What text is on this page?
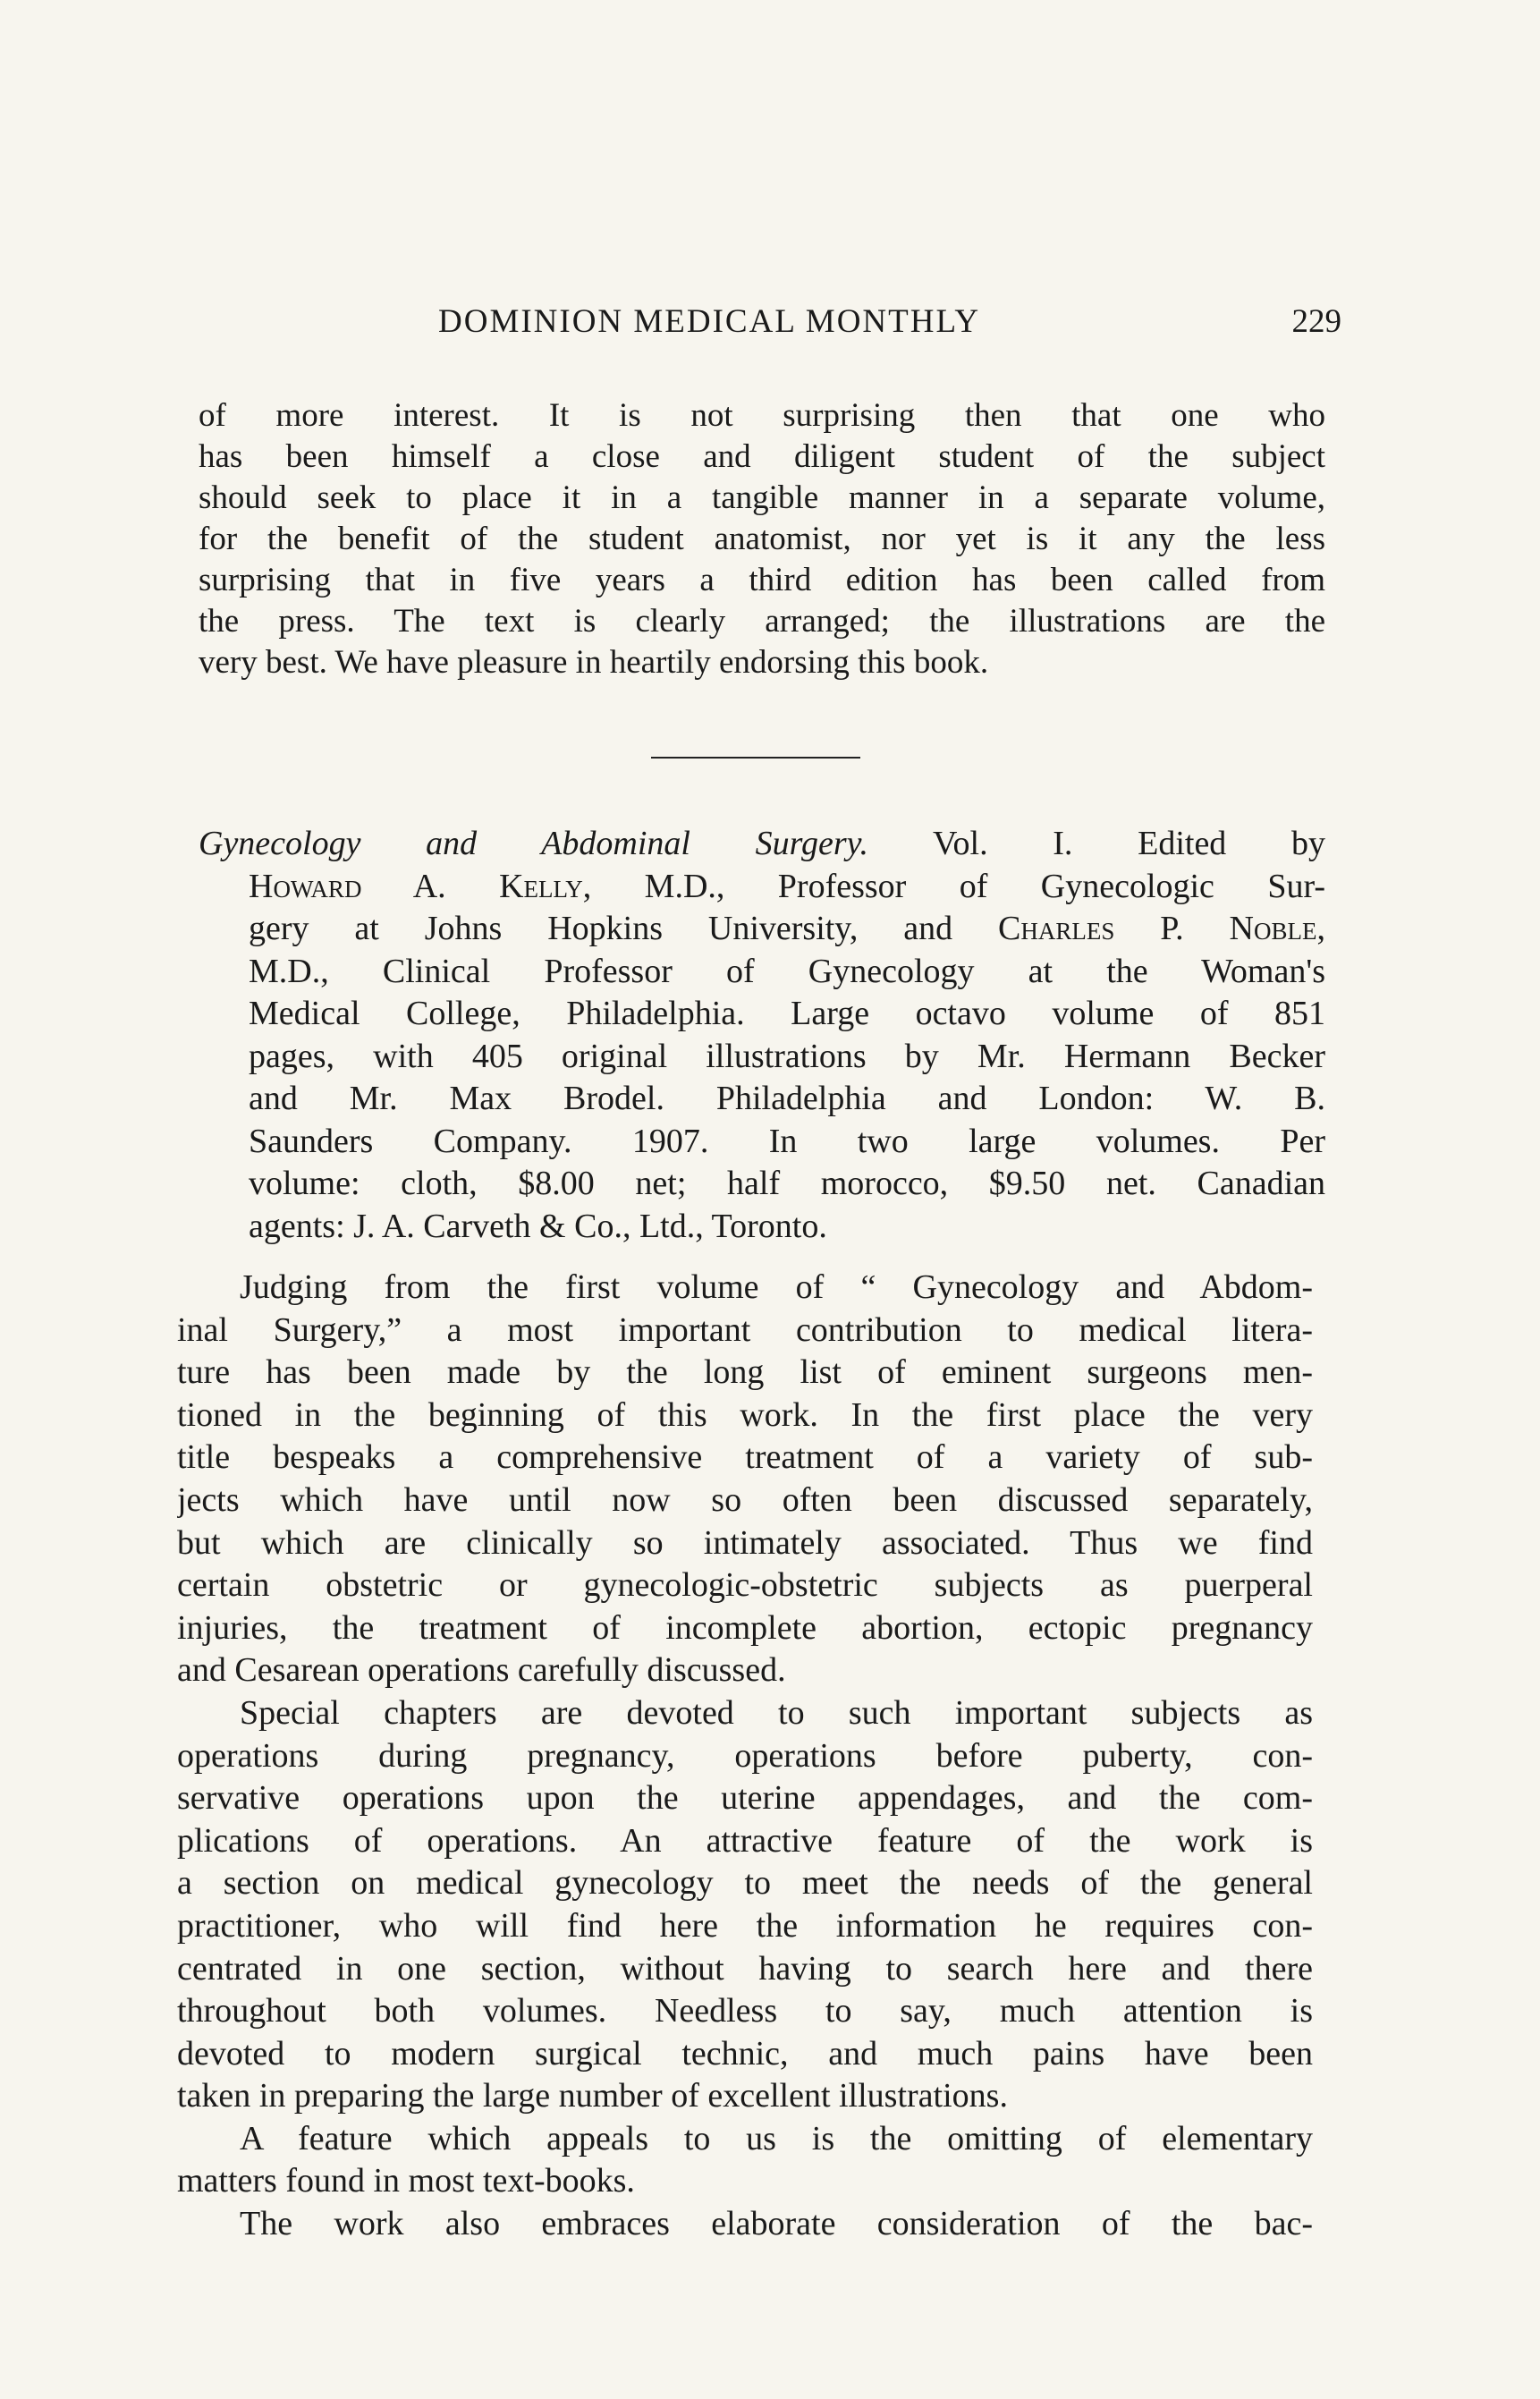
DOMINION MEDICAL MONTHLY	229
of more interest. It is not surprising then that one who
has been himself a close and diligent student of the subject
should seek to place it in a tangible manner in a separate volume,
for the benefit of the student anatomist, nor yet is it any the less
surprising that in five years a third edition has been called from
the press. The text is clearly arranged; the illustrations are the
very best. We have pleasure in heartily endorsing this book.
Gynecology and Abdominal Surgery. Vol. I. Edited by
Howard A. Kelly, M.D., Professor of Gynecologic Sur-
gery at Johns Hopkins University, and Charles P. Noble,
M.D., Clinical Professor of Gynecology at the Woman's
Medical College, Philadelphia. Large octavo volume of 851
pages, with 405 original illustrations by Mr. Hermann Becker
and Mr. Max Brodel. Philadelphia and London: W. B.
Saunders Company. 1907. In two large volumes. Per
volume: cloth, $8.00 net; half morocco, $9.50 net. Canadian
agents: J. A. Carveth & Co., Ltd., Toronto.
Judging from the first volume of “ Gynecology and Abdom-
inal Surgery,” a most important contribution to medical litera-
ture has been made by the long list of eminent surgeons men-
tioned in the beginning of this work. In the first place the very
title bespeaks a comprehensive treatment of a variety of sub-
jects which have until now so often been discussed separately,
but which are clinically so intimately associated. Thus we find
certain obstetric or gynecologic-obstetric subjects as puerperal
injuries, the treatment of incomplete abortion, ectopic pregnancy
and Cesarean operations carefully discussed.
Special chapters are devoted to such important subjects as
operations during pregnancy, operations before puberty, con-
servative operations upon the uterine appendages, and the com-
plications of operations. An attractive feature of the work is
a section on medical gynecology to meet the needs of the general
practitioner, who will find here the information he requires con-
centrated in one section, without having to search here and there
throughout both volumes. Needless to say, much attention is
devoted to modern surgical technic, and much pains have been
taken in preparing the large number of excellent illustrations.
A feature which appeals to us is the omitting of elementary
matters found in most text-books.
The work also embraces elaborate consideration of the bac-
